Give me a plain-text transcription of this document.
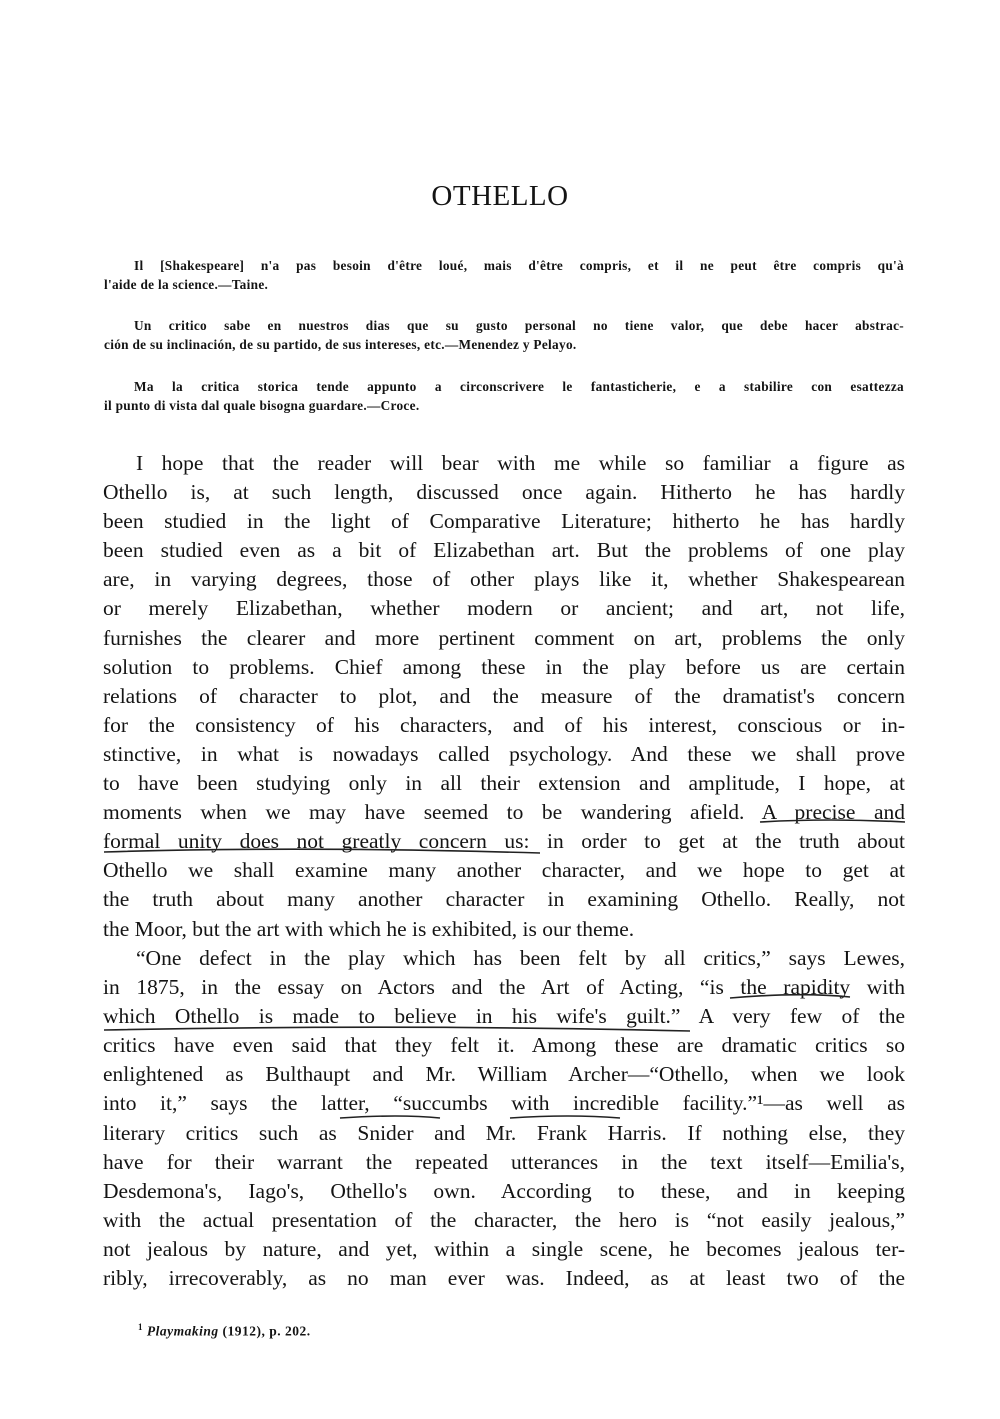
OTHELLO
Il [Shakespeare] n'a pas besoin d'être loué, mais d'être compris, et il ne peut être compris qu'à
l'aide de la science.—Taine.
Un critico sabe en nuestros dias que su gusto personal no tiene valor, que debe hacer abstrac-
ción de su inclinación, de su partido, de sus intereses, etc.—Menendez y Pelayo.
Ma la critica storica tende appunto a circonscrivere le fantasticherie, e a stabilire con esattezza
il punto di vista dal quale bisogna guardare.—Croce.
I hope that the reader will bear with me while so familiar a figure as
Othello is, at such length, discussed once again. Hitherto he has hardly
been studied in the light of Comparative Literature; hitherto he has hardly
been studied even as a bit of Elizabethan art. But the problems of one play
are, in varying degrees, those of other plays like it, whether Shakespearean
or merely Elizabethan, whether modern or ancient; and art, not life,
furnishes the clearer and more pertinent comment on art, problems the only
solution to problems. Chief among these in the play before us are certain
relations of character to plot, and the measure of the dramatist's concern
for the consistency of his characters, and of his interest, conscious or in-
stinctive, in what is nowadays called psychology. And these we shall prove
to have been studying only in all their extension and amplitude, I hope, at
moments when we may have seemed to be wandering afield. A precise and
formal unity does not greatly concern us: in order to get at the truth about
Othello we shall examine many another character, and we hope to get at
the truth about many another character in examining Othello. Really, not
the Moor, but the art with which he is exhibited, is our theme.
“One defect in the play which has been felt by all critics,” says Lewes,
in 1875, in the essay on Actors and the Art of Acting, “is the rapidity with
which Othello is made to believe in his wife's guilt.” A very few of the
critics have even said that they felt it. Among these are dramatic critics so
enlightened as Bulthaupt and Mr. William Archer—“Othello, when we look
into it,” says the latter, “succumbs with incredible facility.”¹—as well as
literary critics such as Snider and Mr. Frank Harris. If nothing else, they
have for their warrant the repeated utterances in the text itself—Emilia's,
Desdemona's, Iago's, Othello's own. According to these, and in keeping
with the actual presentation of the character, the hero is “not easily jealous,”
not jealous by nature, and yet, within a single scene, he becomes jealous ter-
ribly, irrecoverably, as no man ever was. Indeed, as at least two of the
$^1$ Playmaking (1912), p. 202.
